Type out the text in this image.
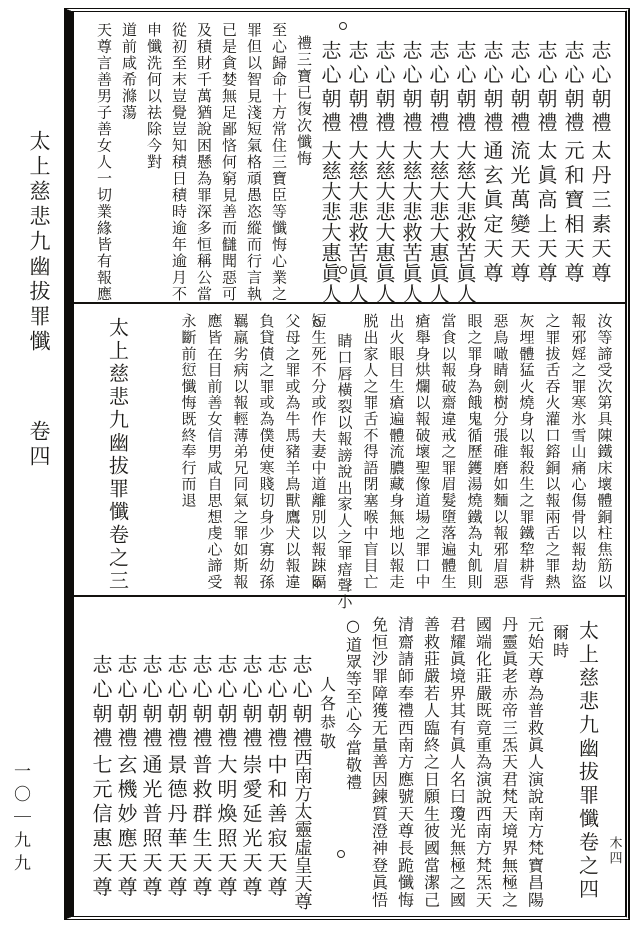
太上慈悲九幽拔罪懺
卷四
一〇｜九九
志心朝禮
太丹三素天尊
志心朝禮
元和寶相天尊
志心朝禮
太眞高上天尊
志心朝禮
流光萬變天尊
志心朝禮
通玄眞定天尊
志心朝禮
大慈大悲救苦眞人
志心朝禮
大慈大悲大惠眞人
志心朝禮
大慈大悲救苦眞人
志心朝禮
大慈大悲大惠眞人
志心朝禮
大慈大悲救苦眞人
志心朝禮
大慈大悲大惠眞人
禮三寶已復次懺悔
至心歸命十方常住三寶臣等懺悔心業之
罪但以智見淺短氣格頑愚恣縱而行言執
已是貪婪無足鄙悋何窮見善而讎聞惡可
及積財千萬猶說困懸為罪深多恒稱公當
從初至末豈覺豈知積日積時逾年逾月不
申懺洗何以祛除今對
道前咸希滌蕩
天尊言善男子善女人一切業緣皆有報應
汝等諦受次第具陳鐵床壞體銅柱焦筋以
報邪婬之罪寒氷雪山痛心傷骨以報劫盜
之罪拔舌吞火灌口鎔銅以報兩舌之罪熱
灰埋體猛火燒身以報殺生之罪鐵犂耕背
惡鳥噉睛劍樹分張碓磨如麵以報邪眉惡
眼之罪身為餓鬼循歷鑊湯燒鐵為丸飢則
當食以報破齋違戒之罪眉髮墮落遍體生
瘡舉身烘爛以報破壞聖像道場之罪口中
出火眼目生瘡遍體流膿藏身無地以報走
脱出家人之罪舌不得語閉塞喉中盲目亡
睛口唇橫裂以報謗說出家人之罪瘖聲小
短生死不分或作夫妻中道離別以報踈隔
父母之罪或為牛馬豬羊鳥獸鷹犬以報違
負貸債之罪或為僕使寒賤切身少寡幼孫
羈羸劣病以報輕薄弟兄同氣之罪如斯報
應皆在目前善女信男咸自思想虔心諦受
永斷前愆懺悔既終奉行而退
太上慈悲九幽拔罪懺卷之三
木四
太上慈悲九幽拔罪懺卷之四
爾時
元始天尊為普救眞人演說南方梵寶昌陽
丹靈眞老赤帝三炁天君梵天境界無極之
國端化莊嚴既竟重為演說西南方梵炁天
君耀眞境界其有眞人名曰瓊光無極之國
善救莊嚴若人臨終之日願生彼國當潔己
清齋請師奉禮西南方應號天尊長跪懺悔
免恒沙罪障獲无量善因鍊質澄神登眞悟
○道眾等至心今當敬禮
人各恭敬
志心朝禮
西南方太靈虛皇天尊
志心朝禮
中和善寂天尊
志心朝禮
崇愛延光天尊
志心朝禮
大明煥照天尊
志心朝禮
普救群生天尊
志心朝禮
景德丹華天尊
志心朝禮
通光普照天尊
志心朝禮
玄機妙應天尊
志心朝禮
七元信惠天尊
